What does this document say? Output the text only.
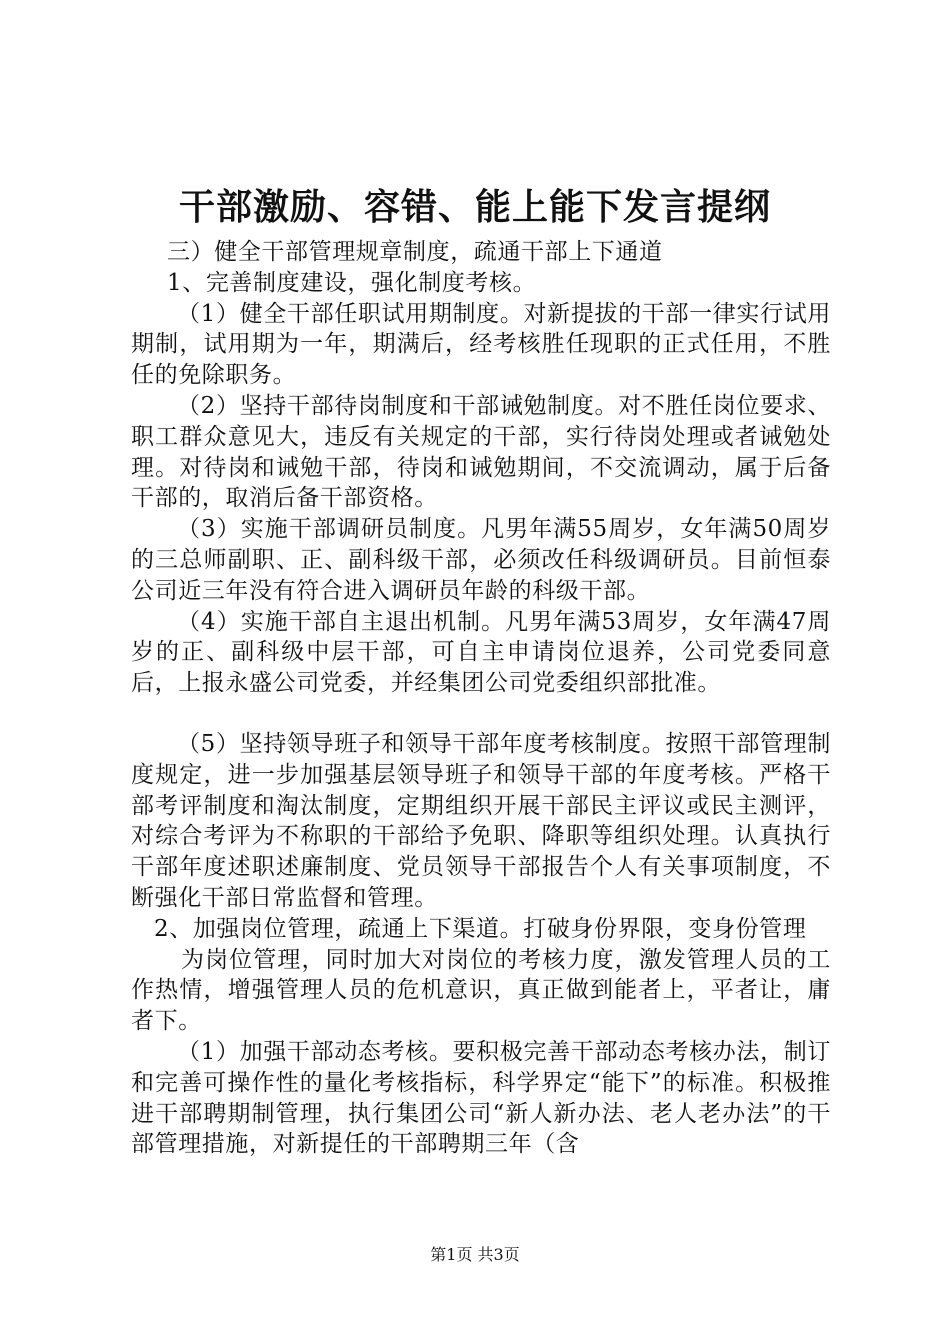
干部激励、容错、能上能下发言提纲

三）健全干部管理规章制度，疏通干部上下通道

1、完善制度建设，强化制度考核。

（1）健全干部任职试用期制度。对新提拔的干部一律实行试用期制，试用期为一年，期满后，经考核胜任现职的正式任用，不胜任的免除职务。

（2）坚持干部待岗制度和干部诫勉制度。对不胜任岗位要求、职工群众意见大，违反有关规定的干部，实行待岗处理或者诫勉处理。对待岗和诫勉干部，待岗和诫勉期间，不交流调动，属于后备干部的，取消后备干部资格。

（3）实施干部调研员制度。凡男年满55周岁，女年满50周岁的三总师副职、正、副科级干部，必须改任科级调研员。目前恒泰公司近三年没有符合进入调研员年龄的科级干部。

（4）实施干部自主退出机制。凡男年满53周岁，女年满47周岁的正、副科级中层干部，可自主申请岗位退养，公司党委同意后，上报永盛公司党委，并经集团公司党委组织部批准。

（5）坚持领导班子和领导干部年度考核制度。按照干部管理制度规定，进一步加强基层领导班子和领导干部的年度考核。严格干部考评制度和淘汰制度，定期组织开展干部民主评议或民主测评，对综合考评为不称职的干部给予免职、降职等组织处理。认真执行干部年度述职述廉制度、党员领导干部报告个人有关事项制度，不断强化干部日常监督和管理。

2、加强岗位管理，疏通上下渠道。打破身份界限，变身份管理

为岗位管理，同时加大对岗位的考核力度，激发管理人员的工作热情，增强管理人员的危机意识，真正做到能者上，平者让，庸者下。

（1）加强干部动态考核。要积极完善干部动态考核办法，制订和完善可操作性的量化考核指标，科学界定“能下”的标准。积极推进干部聘期制管理，执行集团公司“新人新办法、老人老办法”的干部管理措施，对新提任的干部聘期三年（含

第1页 共3页
